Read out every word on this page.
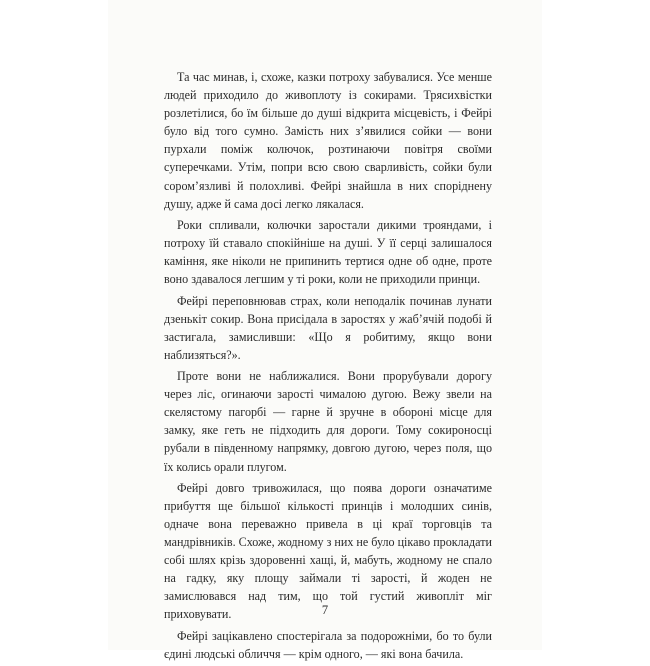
Та час минав, і, схоже, казки потроху забувалися. Усе менше людей приходило до живоплоту із сокирами. Трясихвістки розлетілися, бо їм більше до душі відкрита місцевість, і Фейрі було від того сумно. Замість них з’явилися сойки — вони пурхали поміж колючок, розтинаючи повітря своїми суперечками. Утім, попри всю свою сварливість, сойки були сором’язливі й полохливі. Фейрі знайшла в них споріднену душу, адже й сама досі легко лякалася.

Роки спливали, колючки заростали дикими трояндами, і потроху їй ставало спокійніше на душі. У її серці залишалося каміння, яке ніколи не припинить тертися одне об одне, проте воно здавалося легшим у ті роки, коли не приходили принци.

Фейрі переповнював страх, коли неподалік починав лунати дзенькіт сокир. Вона присідала в заростях у жаб’ячій подобі й застигала, замисливши: «Що я робитиму, якщо вони наблизяться?».

Проте вони не наближалися. Вони прорубували дорогу через ліс, огинаючи зарості чималою дугою. Вежу звели на скелястому пагорбі — гарне й зручне в обороні місце для замку, яке геть не підходить для дороги. Тому сокироносці рубали в південному напрямку, довгою дугою, через поля, що їх колись орали плугом.

Фейрі довго тривожилася, що поява дороги означатиме прибуття ще більшої кількості принців і молодших синів, одначе вона переважно привела в ці краї торговців та мандрівників. Схоже, жодному з них не було цікаво прокладати собі шлях крізь здоровенні хащі, й, мабуть, жодному не спало на гадку, яку площу займали ті зарості, й жоден не замислювався над тим, що той густий живопліт міг приховувати.

Фейрі зацікавлено спостерігала за подорожніми, бо то були єдині людські обличчя — крім одного, — які вона бачила.

7
